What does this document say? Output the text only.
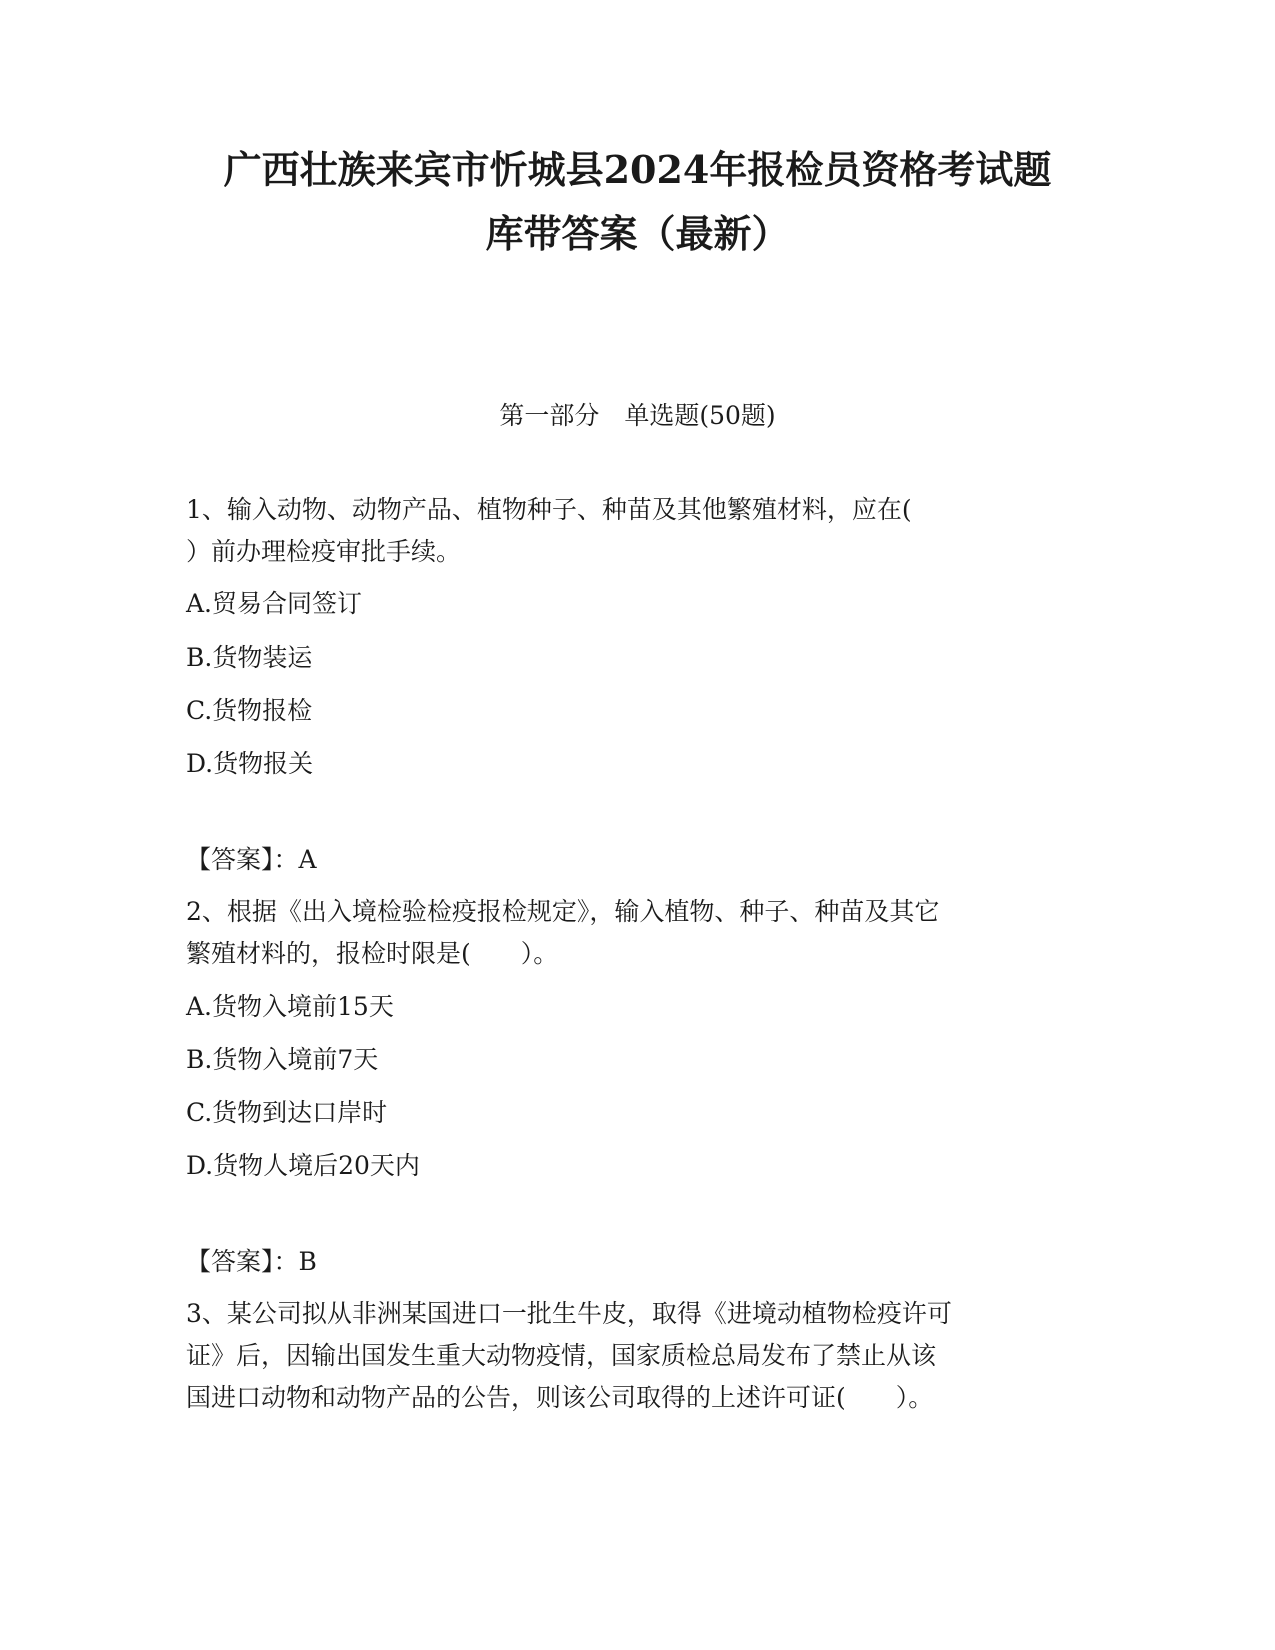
广西壮族来宾市忻城县2024年报检员资格考试题
库带答案（最新）
第一部分　单选题(50题)
1、输入动物、动物产品、植物种子、种苗及其他繁殖材料，应在(
）前办理检疫审批手续。
A.贸易合同签订
B.货物装运
C.货物报检
D.货物报关
【答案】：A
2、根据《出入境检验检疫报检规定》，输入植物、种子、种苗及其它
繁殖材料的，报检时限是(　　）。
A.货物入境前15天
B.货物入境前7天
C.货物到达口岸时
D.货物人境后20天内
【答案】：B
3、某公司拟从非洲某国进口一批生牛皮，取得《进境动植物检疫许可
证》后，因输出国发生重大动物疫情，国家质检总局发布了禁止从该
国进口动物和动物产品的公告，则该公司取得的上述许可证(　　）。
